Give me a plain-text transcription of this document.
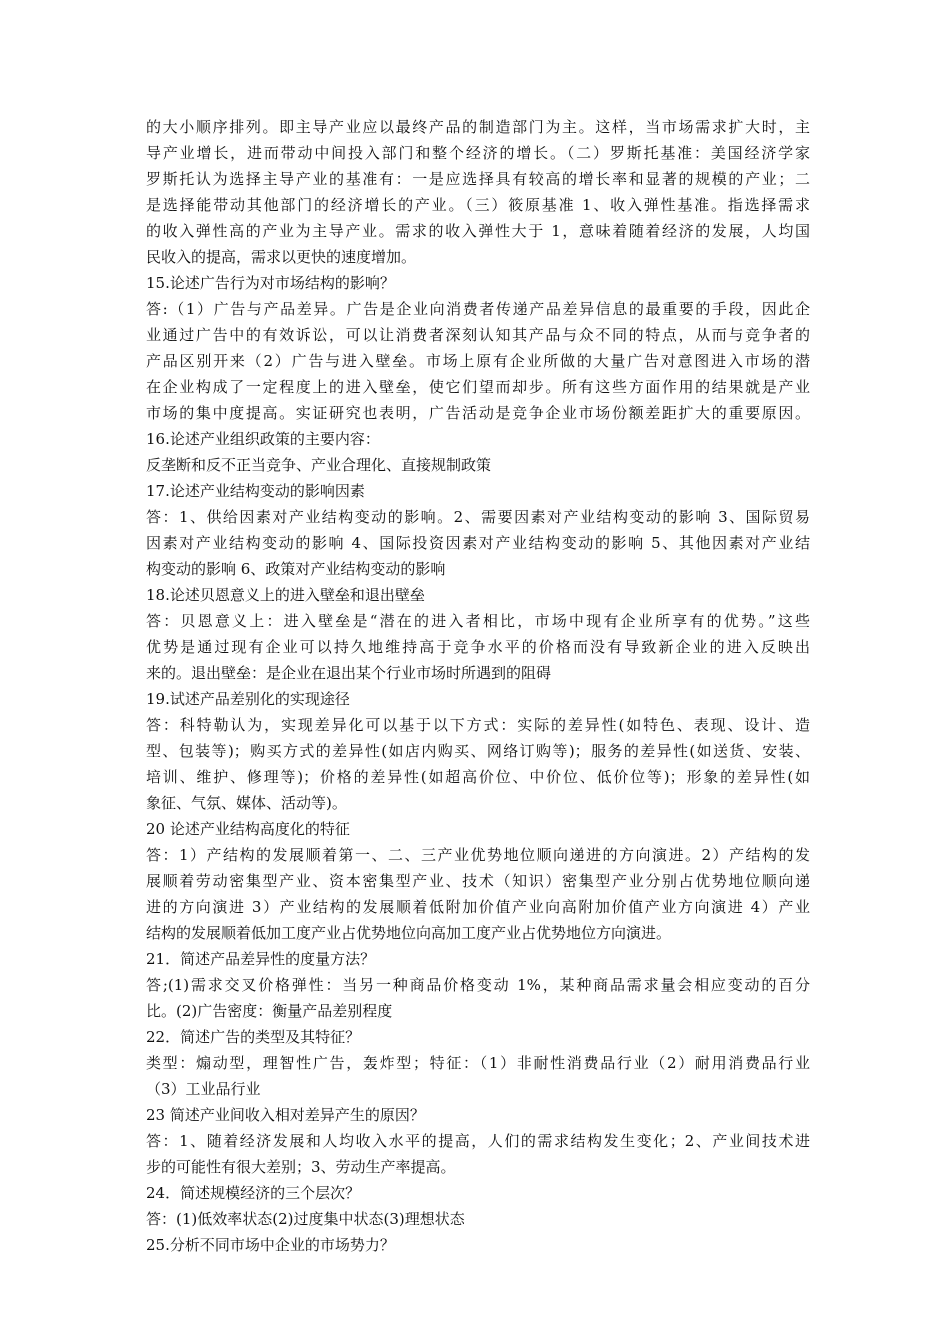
的大小顺序排列。即主导产业应以最终产品的制造部门为主。这样，当市场需求扩大时，主
导产业增长，进而带动中间投入部门和整个经济的增长。（二）罗斯托基准：美国经济学家
罗斯托认为选择主导产业的基准有：一是应选择具有较高的增长率和显著的规模的产业；二
是选择能带动其他部门的经济增长的产业。（三）筱原基准 1、收入弹性基准。指选择需求
的收入弹性高的产业为主导产业。需求的收入弹性大于 1，意味着随着经济的发展，人均国
民收入的提高，需求以更快的速度增加。
15.论述广告行为对市场结构的影响？
答:（1）广告与产品差异。广告是企业向消费者传递产品差异信息的最重要的手段，因此企
业通过广告中的有效诉讼，可以让消费者深刻认知其产品与众不同的特点，从而与竞争者的
产品区别开来（2）广告与进入壁垒。市场上原有企业所做的大量广告对意图进入市场的潜
在企业构成了一定程度上的进入壁垒，使它们望而却步。所有这些方面作用的结果就是产业
市场的集中度提高。实证研究也表明，广告活动是竞争企业市场份额差距扩大的重要原因。
16.论述产业组织政策的主要内容：
反垄断和反不正当竞争、产业合理化、直接规制政策
17.论述产业结构变动的影响因素
答：1、供给因素对产业结构变动的影响。2、需要因素对产业结构变动的影响 3、国际贸易
因素对产业结构变动的影响 4、国际投资因素对产业结构变动的影响 5、其他因素对产业结
构变动的影响 6、政策对产业结构变动的影响
18.论述贝恩意义上的进入壁垒和退出壁垒
答：贝恩意义上：进入壁垒是“潜在的进入者相比，市场中现有企业所享有的优势。”这些
优势是通过现有企业可以持久地维持高于竞争水平的价格而没有导致新企业的进入反映出
来的。退出壁垒：是企业在退出某个行业市场时所遇到的阻碍
19.试述产品差别化的实现途径
答：科特勒认为，实现差异化可以基于以下方式：实际的差异性(如特色、表现、设计、造
型、包装等)；购买方式的差异性(如店内购买、网络订购等)；服务的差异性(如送货、安装、
培训、维护、修理等)；价格的差异性(如超高价位、中价位、低价位等)；形象的差异性(如
象征、气氛、媒体、活动等)。
20 论述产业结构高度化的特征
答：1）产结构的发展顺着第一、二、三产业优势地位顺向递进的方向演进。2）产结构的发
展顺着劳动密集型产业、资本密集型产业、技术（知识）密集型产业分别占优势地位顺向递
进的方向演进 3）产业结构的发展顺着低附加价值产业向高附加价值产业方向演进 4）产业
结构的发展顺着低加工度产业占优势地位向高加工度产业占优势地位方向演进。
21．简述产品差异性的度量方法？
答;(1)需求交叉价格弹性：当另一种商品价格变动 1%，某种商品需求量会相应变动的百分
比。(2)广告密度：衡量产品差别程度
22．简述广告的类型及其特征？
类型：煽动型，理智性广告，轰炸型；特征：（1）非耐性消费品行业（2）耐用消费品行业
（3）工业品行业
23 简述产业间收入相对差异产生的原因？
答：1、随着经济发展和人均收入水平的提高，人们的需求结构发生变化；2、产业间技术进
步的可能性有很大差别；3、劳动生产率提高。
24．简述规模经济的三个层次？
答：(1)低效率状态(2)过度集中状态(3)理想状态
25.分析不同市场中企业的市场势力？
